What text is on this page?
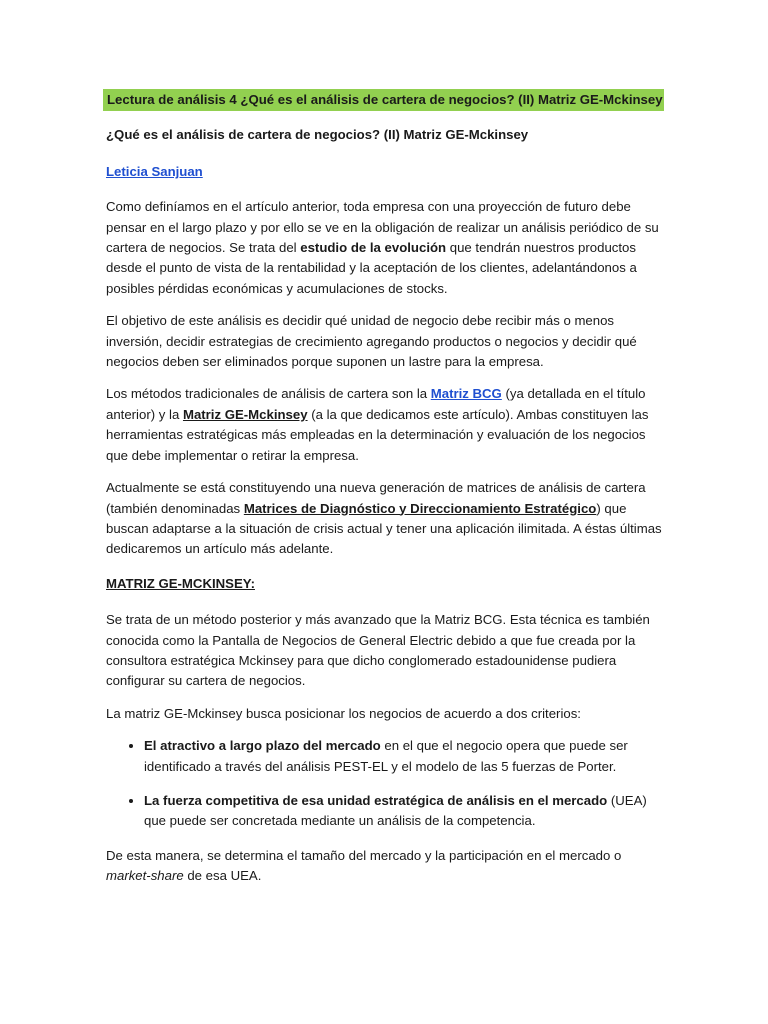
Lectura de análisis 4 ¿Qué es el análisis de cartera de negocios? (II) Matriz GE-Mckinsey
¿Qué es el análisis de cartera de negocios? (II) Matriz GE-Mckinsey
Leticia Sanjuan

Como definíamos en el artículo anterior, toda empresa con una proyección de futuro debe pensar en el largo plazo y por ello se ve en la obligación de realizar un análisis periódico de su cartera de negocios. Se trata del estudio de la evolución que tendrán nuestros productos desde el punto de vista de la rentabilidad y la aceptación de los clientes, adelantándonos a posibles pérdidas económicas y acumulaciones de stocks.

El objetivo de este análisis es decidir qué unidad de negocio debe recibir más o menos inversión, decidir estrategias de crecimiento agregando productos o negocios y decidir qué negocios deben ser eliminados porque suponen un lastre para la empresa.

Los métodos tradicionales de análisis de cartera son la Matriz BCG (ya detallada en el título anterior) y la Matriz GE-Mckinsey (a la que dedicamos este artículo). Ambas constituyen las herramientas estratégicas más empleadas en la determinación y evaluación de los negocios que debe implementar o retirar la empresa.

Actualmente se está constituyendo una nueva generación de matrices de análisis de cartera (también denominadas Matrices de Diagnóstico y Direccionamiento Estratégico) que buscan adaptarse a la situación de crisis actual y tener una aplicación ilimitada. A éstas últimas dedicaremos un artículo más adelante.

MATRIZ GE-MCKINSEY:

Se trata de un método posterior y más avanzado que la Matriz BCG. Esta técnica es también conocida como la Pantalla de Negocios de General Electric debido a que fue creada por la consultora estratégica Mckinsey para que dicho conglomerado estadounidense pudiera configurar su cartera de negocios.

La matriz GE-Mckinsey busca posicionar los negocios de acuerdo a dos criterios:

• El atractivo a largo plazo del mercado en el que el negocio opera que puede ser identificado a través del análisis PEST-EL y el modelo de las 5 fuerzas de Porter.
• La fuerza competitiva de esa unidad estratégica de análisis en el mercado (UEA) que puede ser concretada mediante un análisis de la competencia.

De esta manera, se determina el tamaño del mercado y la participación en el mercado o market-share de esa UEA.
